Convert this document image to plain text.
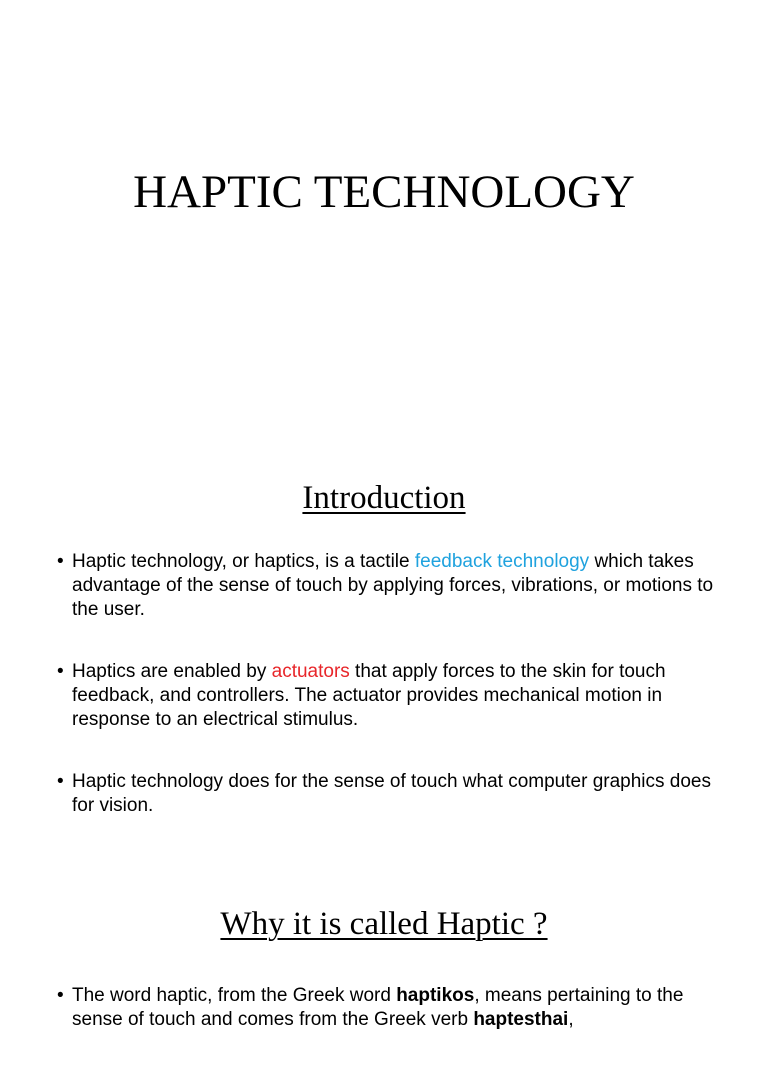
HAPTIC TECHNOLOGY
Introduction
• Haptic technology, or haptics, is a tactile feedback technology which takes advantage of the sense of touch by applying forces, vibrations, or motions to the user.
• Haptics are enabled by actuators that apply forces to the skin for touch feedback, and controllers. The actuator provides mechanical motion in response to an electrical stimulus.
• Haptic technology does for the sense of touch what computer graphics does for vision.
Why it is called Haptic ?
• The word haptic, from the Greek word haptikos, means pertaining to the sense of touch and comes from the Greek verb haptesthai,
